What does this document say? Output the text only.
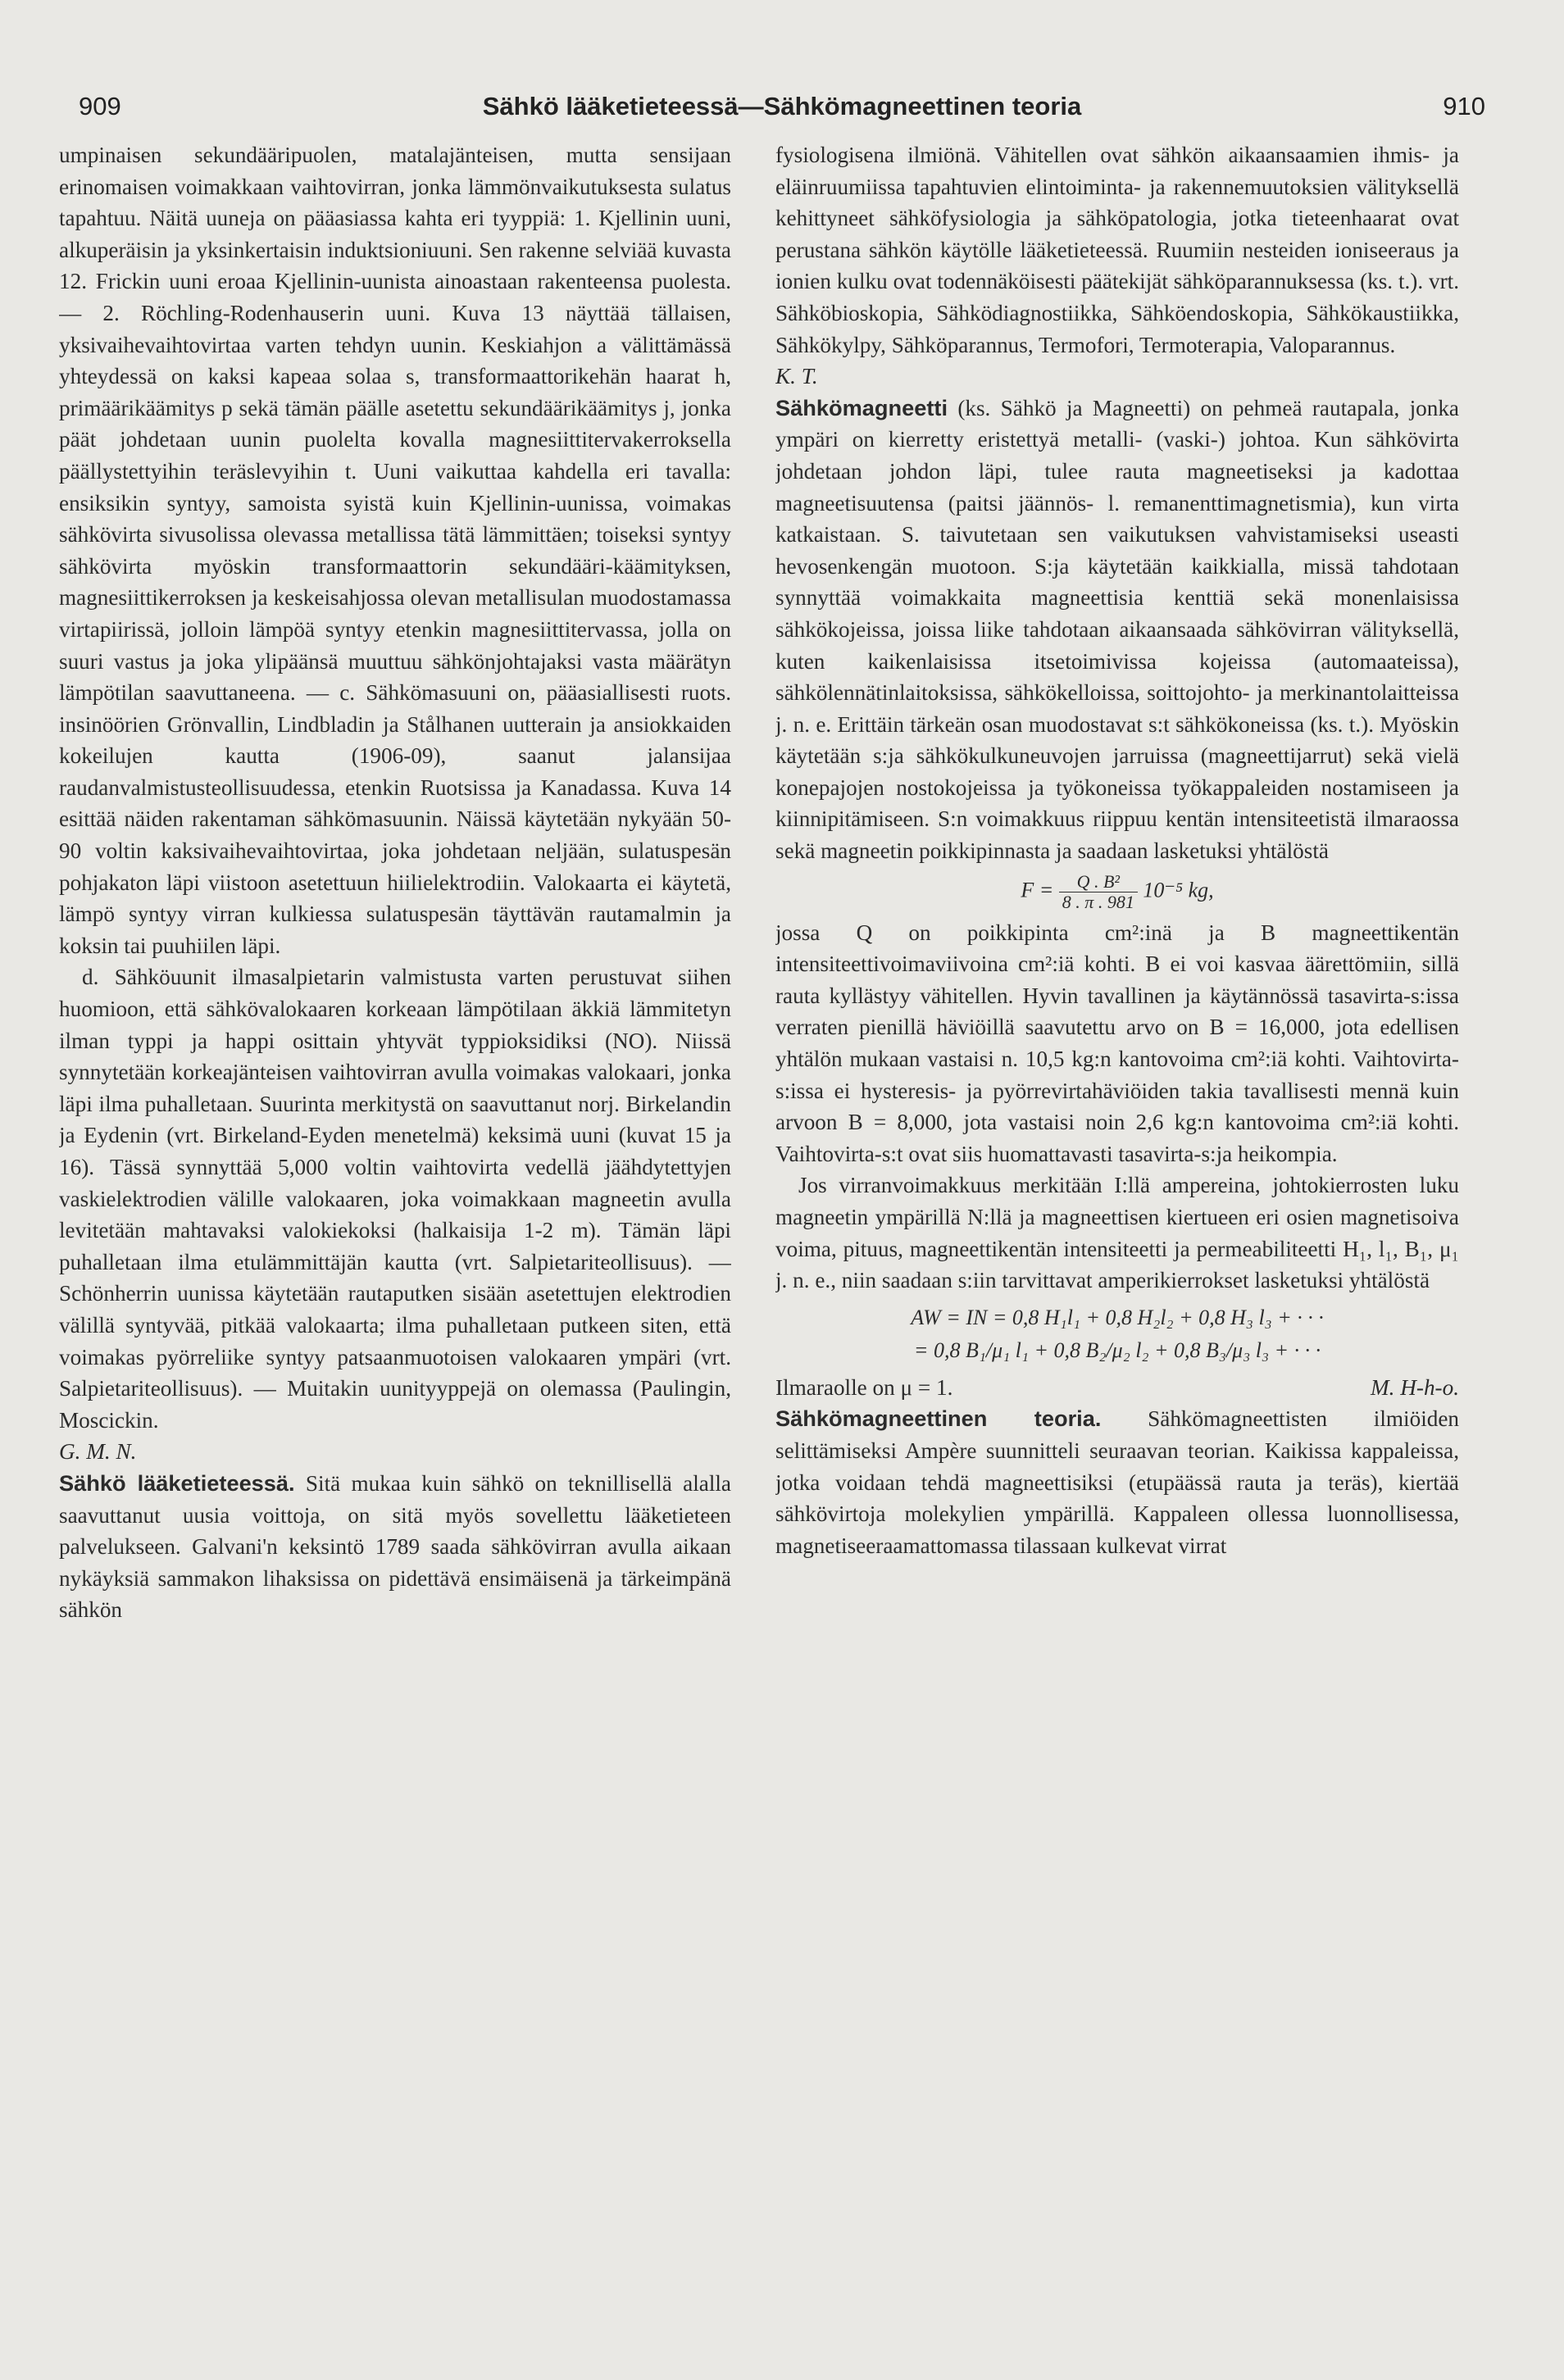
909	Sähkö lääketieteessä—Sähkömagneettinen teoria	910

umpinaisen sekundääripuolen, matalajänteisen, mutta sensijaan erinomaisen voimakkaan vaihtovirran, jonka lämmönvaikutuksesta sulatus tapahtuu. Näitä uuneja on pääasiassa kahta eri tyyppiä: 1. Kjellinin uuni, alkuperäisin ja yksinkertaisin induktsioniuuni. Sen rakenne selviää kuvasta 12. Frickin uuni eroaa Kjellinin-uunista ainoastaan rakenteensa puolesta. — 2. Röchling-Rodenhauserin uuni. Kuva 13 näyttää tällaisen, yksivaihevaihtovirtaa varten tehdyn uunin. Keskiahjon a välittämässä yhteydessä on kaksi kapeaa solaa s, transformaattorikehän haarat h, primäärikäämitys p sekä tämän päälle asetettu sekundäärikäämitys j, jonka päät johdetaan uunin puolelta kovalla magnesiittitervakerroksella päällystettyihin teräslevyihin t. Uuni vaikuttaa kahdella eri tavalla: ensiksikin syntyy, samoista syistä kuin Kjellinin-uunissa, voimakas sähkövirta sivusolissa olevassa metallissa tätä lämmittäen; toiseksi syntyy sähkövirta myöskin transformaattorin sekundääri-käämityksen, magnesiittikerroksen ja keskeisahjossa olevan metallisulan muodostamassa virtapiirissä, jolloin lämpöä syntyy etenkin magnesiittitervassa, jolla on suuri vastus ja joka ylipäänsä muuttuu sähkönjohtajaksi vasta määrätyn lämpötilan saavuttaneena. — c. Sähkömasuuni on, pääasiallisesti ruots. insinöörien Grönvallin, Lindbladin ja Stålhanen uutterain ja ansiokkaiden kokeilujen kautta (1906-09), saanut jalansijaa raudanvalmistusteollisuudessa, etenkin Ruotsissa ja Kanadassa. Kuva 14 esittää näiden rakentaman sähkömasuunin. Näissä käytetään nykyään 50-90 voltin kaksivaihevaihtovirtaa, joka johdetaan neljään, sulatuspesän pohjakaton läpi viistoon asetettuun hiilielektrodiin. Valokaarta ei käytetä, lämpö syntyy virran kulkiessa sulatuspesän täyttävän rautamalmin ja koksin tai puuhiilen läpi.

d. Sähköuunit ilmasalpietarin valmistusta varten perustuvat siihen huomioon, että sähkövalokaaren korkeaan lämpötilaan äkkiä lämmitetyn ilman typpi ja happi osittain yhtyvät typpioksidiksi (NO). Niissä synnytetään korkeajänteisen vaihtovirran avulla voimakas valokaari, jonka läpi ilma puhalletaan. Suurinta merkitystä on saavuttanut norj. Birkelandin ja Eydenin (vrt. Birkeland-Eyden menetelmä) keksimä uuni (kuvat 15 ja 16). Tässä synnyttää 5,000 voltin vaihtovirta vedellä jäähdytettyjen vaskielektrodien välille valokaaren, joka voimakkaan magneetin avulla levitetään mahtavaksi valokiekoksi (halkaisija 1-2 m). Tämän läpi puhalletaan ilma etulämmittäjän kautta (vrt. Salpietariteollisuus). — Schönherrin uunissa käytetään rautaputken sisään asetettujen elektrodien välillä syntyvää, pitkää valokaarta; ilma puhalletaan putkeen siten, että voimakas pyörreliike syntyy patsaanmuotoisen valokaaren ympäri (vrt. Salpietariteollisuus). — Muitakin uunityyppejä on olemassa (Paulingin, Moscickin.

G. M. N.

Sähkö lääketieteessä. Sitä mukaa kuin sähkö on teknillisellä alalla saavuttanut uusia voittoja, on sitä myös sovellettu lääketieteen palvelukseen. Galvani'n keksintö 1789 saada sähkövirran avulla aikaan nykäyksiä sammakon lihaksissa on pidettävä ensimäisenä ja tärkeimpänä sähkön

fysiologisena ilmiönä. Vähitellen ovat sähkön aikaansaamien ihmis- ja eläinruumiissa tapahtuvien elintoiminta- ja rakennemuutoksien välityksellä kehittyneet sähköfysiologia ja sähköpatologia, jotka tieteenhaarat ovat perustana sähkön käytölle lääketieteessä. Ruumiin nesteiden ioniseeraus ja ionien kulku ovat todennäköisesti päätekijät sähköparannuksessa (ks. t.). vrt. Sähköbioskopia, Sähködiagnostiikka, Sähköendoskopia, Sähkökaustiikka, Sähkökylpy, Sähköparannus, Termofori, Termoterapia, Valoparannus.

K. T.

Sähkömagneetti (ks. Sähkö ja Magneetti) on pehmeä rautapala, jonka ympäri on kierretty eristettyä metalli- (vaski-) johtoa. Kun sähkövirta johdetaan johdon läpi, tulee rauta magneetiseksi ja kadottaa magneetisuutensa (paitsi jäännös- l. remanenttimagnetismia), kun virta katkaistaan. S. taivutetaan sen vaikutuksen vahvistamiseksi useasti hevosenkengän muotoon. S:ja käytetään kaikkialla, missä tahdotaan synnyttää voimakkaita magneettisia kenttiä sekä monenlaisissa sähkökojeissa, joissa liike tahdotaan aikaansaada sähkövirran välityksellä, kuten kaikenlaisissa itsetoimivissa kojeissa (automaateissa), sähkölennätinlaitoksissa, sähkökelloissa, soittojohto- ja merkinantolaitteissa j. n. e. Erittäin tärkeän osan muodostavat s:t sähkökoneissa (ks. t.). Myöskin käytetään s:ja sähkökulkuneuvojen jarruissa (magneettijarrut) sekä vielä konepajojen nostokojeissa ja työkoneissa työkappaleiden nostamiseen ja kiinnipitämiseen. S:n voimakkuus riippuu kentän intensiteetistä ilmaraossa sekä magneetin poikkipinnasta ja saadaan lasketuksi yhtälöstä

$F = \frac{\text{Q . B²}}{8 . \pi . 981} 10^{-5}$ kg,

jossa Q on poikkipinta cm²:inä ja B magneettikentän intensiteettivoimaviivoina cm²:iä kohti. B ei voi kasvaa äärettömiin, sillä rauta kyllästyy vähitellen. Hyvin tavallinen ja käytännössä tasavirta-s:issa verraten pienillä häviöillä saavutettu arvo on B = 16,000, jota edellisen yhtälön mukaan vastaisi n. 10,5 kg:n kantovoima cm²:iä kohti. Vaihtovirta-s:issa ei hysteresis- ja pyörrevirtahäviöiden takia tavallisesti mennä kuin arvoon B = 8,000, jota vastaisi noin 2,6 kg:n kantovoima cm²:iä kohti. Vaihtovirta-s:t ovat siis huomattavasti tasavirta-s:ja heikompia.

Jos virranvoimakkuus merkitään I:llä ampereina, johtokierrosten luku magneetin ympärillä N:llä ja magneettisen kiertueen eri osien magnetisoiva voima, pituus, magneettikentän intensiteetti ja permeabiliteetti H₁, l₁, B₁, μ₁ j. n. e., niin saadaan s:iin tarvittavat amperikierrokset lasketuksi yhtälöstä

AW = IN = 0,8 H₁l₁ + 0,8 H₂l₂ + 0,8 H₃ l₃ + · · ·
= 0,8 B₁/μ₁ l₁ + 0,8 B₂/μ₂ l₂ + 0,8 B₃/μ₃ l₃ + · · ·

Ilmaraolle on μ = 1.	M. H-h-o.

Sähkömagneettinen teoria. Sähkömagneettisten ilmiöiden selittämiseksi Ampère suunnitteli seuraavan teorian. Kaikissa kappaleissa, jotka voidaan tehdä magneettisiksi (etupäässä rauta ja teräs), kiertää sähkövirtoja molekylien ympärillä. Kappaleen ollessa luonnollisessa, magnetiseeraamattomassa tilassaan kulkevat virrat
